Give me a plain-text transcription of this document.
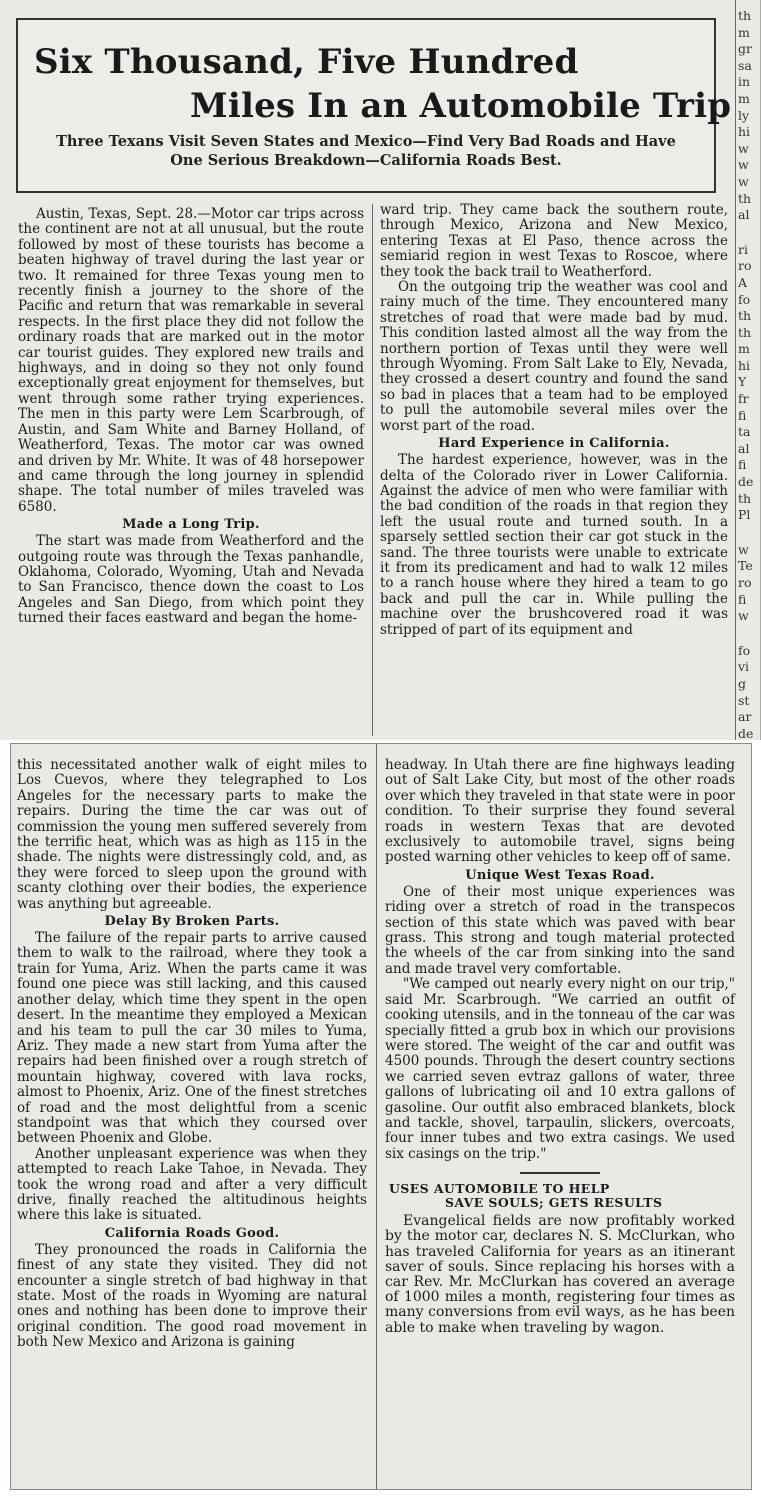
Six Thousand, Five Hundred
Miles In an Automobile Trip
Three Texans Visit Seven States and Mexico—Find Very Bad Roads and Have
One Serious Breakdown—California Roads Best.

Austin, Texas, Sept. 28.—Motor car trips across the continent are not at all unusual, but the route followed by most of these tourists has become a beaten highway of travel during the last year or two. It remained for three Texas young men to recently finish a journey to the shore of the Pacific and return that was remarkable in several respects. In the first place they did not follow the ordinary roads that are marked out in the motor car tourist guides. They explored new trails and highways, and in doing so they not only found exceptionally great enjoyment for themselves, but went through some rather trying experiences. The men in this party were Lem Scarbrough, of Austin, and Sam White and Barney Holland, of Weatherford, Texas. The motor car was owned and driven by Mr. White. It was of 48 horsepower and came through the long journey in splendid shape. The total number of miles traveled was 6580.

Made a Long Trip.

The start was made from Weatherford and the outgoing route was through the Texas panhandle, Oklahoma, Colorado, Wyoming, Utah and Nevada to San Francisco, thence down the coast to Los Angeles and San Diego, from which point they turned their faces eastward and began the home-

ward trip. They came back the southern route, through Mexico, Arizona and New Mexico, entering Texas at El Paso, thence across the semiarid region in west Texas to Roscoe, where they took the back trail to Weatherford.

On the outgoing trip the weather was cool and rainy much of the time. They encountered many stretches of road that were made bad by mud. This condition lasted almost all the way from the northern portion of Texas until they were well through Wyoming. From Salt Lake to Ely, Nevada, they crossed a desert country and found the sand so bad in places that a team had to be employed to pull the automobile several miles over the worst part of the road.

Hard Experience in California.

The hardest experience, however, was in the delta of the Colorado river in Lower California. Against the advice of men who were familiar with the bad condition of the roads in that region they left the usual route and turned south. In a sparsely settled section their car got stuck in the sand. The three tourists were unable to extricate it from its predicament and had to walk 12 miles to a ranch house where they hired a team to go back and pull the car in. While pulling the machine over the brushcovered road it was stripped of part of its equipment and

th
m
gr
sa
in
m
ly
hi
w
w
w
th
al
ri
ro
A
fo
th
th
m
hi
Y
fr
fi
ta
al
fi
de
th
Pl
w
Te
ro
fi
w
fo
vi
g
st
ar
de

this necessitated another walk of eight miles to Los Cuevos, where they telegraphed to Los Angeles for the necessary parts to make the repairs. During the time the car was out of commission the young men suffered severely from the terrific heat, which was as high as 115 in the shade. The nights were distressingly cold, and, as they were forced to sleep upon the ground with scanty clothing over their bodies, the experience was anything but agreeable.

Delay By Broken Parts.

The failure of the repair parts to arrive caused them to walk to the railroad, where they took a train for Yuma, Ariz. When the parts came it was found one piece was still lacking, and this caused another delay, which time they spent in the open desert. In the meantime they employed a Mexican and his team to pull the car 30 miles to Yuma, Ariz. They made a new start from Yuma after the repairs had been finished over a rough stretch of mountain highway, covered with lava rocks, almost to Phoenix, Ariz. One of the finest stretches of road and the most delightful from a scenic standpoint was that which they coursed over between Phoenix and Globe.

Another unpleasant experience was when they attempted to reach Lake Tahoe, in Nevada. They took the wrong road and after a very difficult drive, finally reached the altitudinous heights where this lake is situated.

California Roads Good.

They pronounced the roads in California the finest of any state they visited. They did not encounter a single stretch of bad highway in that state. Most of the roads in Wyoming are natural ones and nothing has been done to improve their original condition. The good road movement in both New Mexico and Arizona is gaining

headway. In Utah there are fine highways leading out of Salt Lake City, but most of the other roads over which they traveled in that state were in poor condition. To their surprise they found several roads in western Texas that are devoted exclusively to automobile travel, signs being posted warning other vehicles to keep off of same.

Unique West Texas Road.

One of their most unique experiences was riding over a stretch of road in the transpecos section of this state which was paved with bear grass. This strong and tough material protected the wheels of the car from sinking into the sand and made travel very comfortable.

"We camped out nearly every night on our trip," said Mr. Scarbrough. "We carried an outfit of cooking utensils, and in the tonneau of the car was specially fitted a grub box in which our provisions were stored. The weight of the car and outfit was 4500 pounds. Through the desert country sections we carried seven evtraz gallons of water, three gallons of lubricating oil and 10 extra gallons of gasoline. Our outfit also embraced blankets, block and tackle, shovel, tarpaulin, slickers, overcoats, four inner tubes and two extra casings. We used six casings on the trip."

USES AUTOMOBILE TO HELP
SAVE SOULS; GETS RESULTS

Evangelical fields are now profitably worked by the motor car, declares N. S. McClurkan, who has traveled California for years as an itinerant saver of souls. Since replacing his horses with a car Rev. Mr. McClurkan has covered an average of 1000 miles a month, registering four times as many conversions from evil ways, as he has been able to make when traveling by wagon.
